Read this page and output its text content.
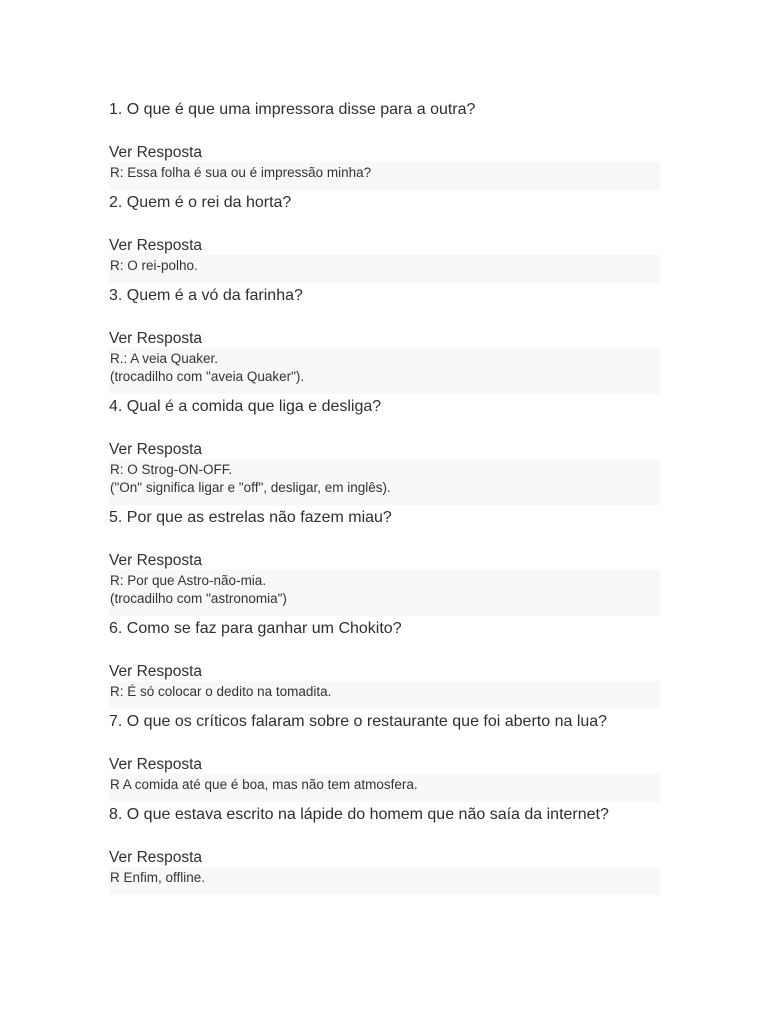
1. O que é que uma impressora disse para a outra?
Ver Resposta
R: Essa folha é sua ou é impressão minha?
2. Quem é o rei da horta?
Ver Resposta
R: O rei-polho.
3. Quem é a vó da farinha?
Ver Resposta
R.: A veia Quaker.
(trocadilho com "aveia Quaker").
4. Qual é a comida que liga e desliga?
Ver Resposta
R: O Strog-ON-OFF.
("On" significa ligar e "off", desligar, em inglês).
5. Por que as estrelas não fazem miau?
Ver Resposta
R: Por que Astro-não-mia.
(trocadilho com "astronomia")
6. Como se faz para ganhar um Chokito?
Ver Resposta
R: É só colocar o dedito na tomadita.
7. O que os críticos falaram sobre o restaurante que foi aberto na lua?
Ver Resposta
R A comida até que é boa, mas não tem atmosfera.
8. O que estava escrito na lápide do homem que não saía da internet?
Ver Resposta
R Enfim, offline.
